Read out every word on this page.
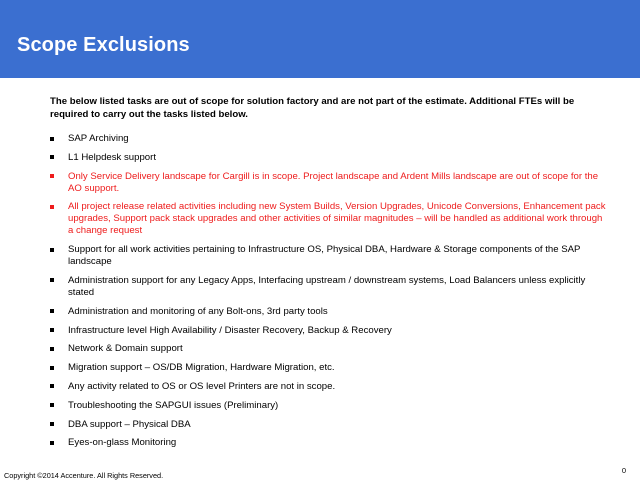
Scope Exclusions
The below listed tasks are out of scope for solution factory and are not part of the estimate. Additional FTEs will be required to carry out the tasks listed below.
SAP Archiving
L1 Helpdesk support
Only Service Delivery landscape for Cargill is in scope. Project landscape and Ardent Mills landscape are out of scope for the AO support.
All project release related activities including new System Builds, Version Upgrades, Unicode Conversions, Enhancement pack upgrades, Support pack stack upgrades and other activities of similar magnitudes – will be handled as additional work through a change request
Support for all work activities pertaining to Infrastructure OS, Physical DBA, Hardware & Storage components of the SAP landscape
Administration support for any Legacy Apps, Interfacing upstream / downstream systems, Load Balancers unless explicitly stated
Administration and monitoring of any Bolt-ons, 3rd party tools
Infrastructure level High Availability / Disaster Recovery, Backup & Recovery
Network & Domain support
Migration support – OS/DB Migration, Hardware Migration, etc.
Any activity related to OS or OS level Printers are not in scope.
Troubleshooting the SAPGUI issues (Preliminary)
DBA support – Physical DBA
Eyes-on-glass Monitoring
Copyright ©2014 Accenture. All Rights Reserved.
0
